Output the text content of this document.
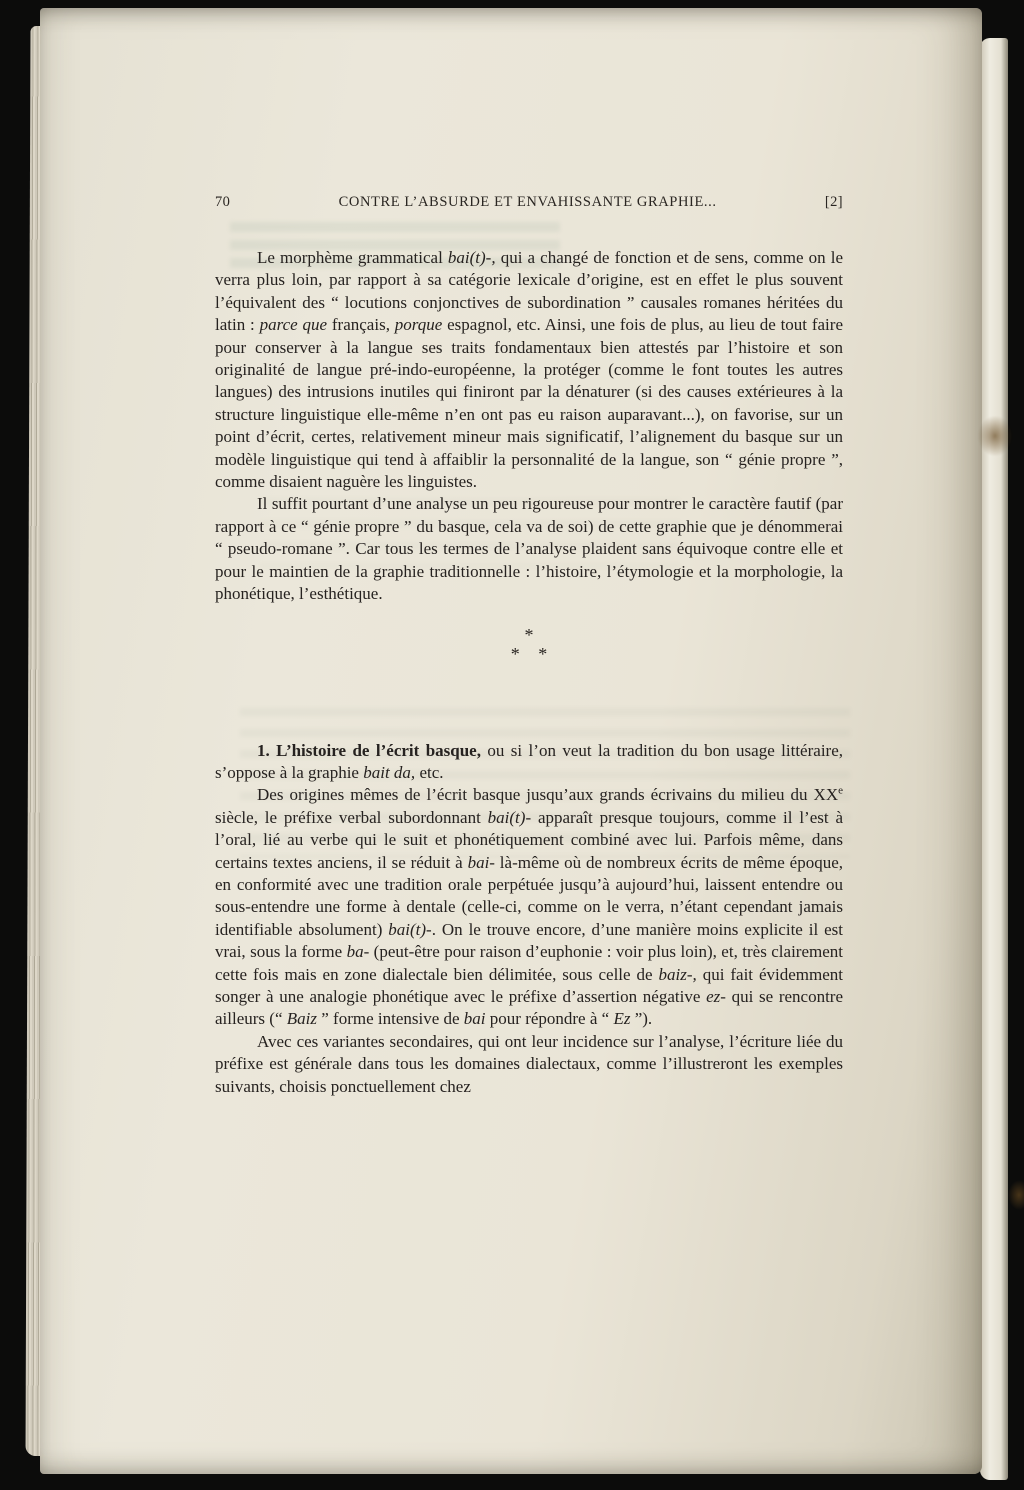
70	CONTRE L’ABSURDE ET ENVAHISSANTE GRAPHIE...	[2]

Le morphème grammatical bai(t)-, qui a changé de fonction et de sens, comme on le verra plus loin, par rapport à sa catégorie lexicale d’origine, est en effet le plus souvent l’équivalent des “ locutions conjonctives de subordination ” causales romanes héritées du latin : parce que français, porque espagnol, etc. Ainsi, une fois de plus, au lieu de tout faire pour conserver à la langue ses traits fondamentaux bien attestés par l’histoire et son originalité de langue pré-indo-européenne, la protéger (comme le font toutes les autres langues) des intrusions inutiles qui finiront par la dénaturer (si des causes extérieures à la structure linguistique elle-même n’en ont pas eu raison auparavant...), on favorise, sur un point d’écrit, certes, relativement mineur mais significatif, l’alignement du basque sur un modèle linguistique qui tend à affaiblir la personnalité de la langue, son “ génie propre ”, comme disaient naguère les linguistes.

Il suffit pourtant d’une analyse un peu rigoureuse pour montrer le caractère fautif (par rapport à ce “ génie propre ” du basque, cela va de soi) de cette graphie que je dénommerai “ pseudo-romane ”. Car tous les termes de l’analyse plaident sans équivoque contre elle et pour le maintien de la graphie traditionnelle : l’histoire, l’étymologie et la morphologie, la phonétique, l’esthétique.

*
* *

1. L’histoire de l’écrit basque, ou si l’on veut la tradition du bon usage littéraire, s’oppose à la graphie bait da, etc.

Des origines mêmes de l’écrit basque jusqu’aux grands écrivains du milieu du XXe siècle, le préfixe verbal subordonnant bai(t)- apparaît presque toujours, comme il l’est à l’oral, lié au verbe qui le suit et phonétiquement combiné avec lui. Parfois même, dans certains textes anciens, il se réduit à bai- là-même où de nombreux écrits de même époque, en conformité avec une tradition orale perpétuée jusqu’à aujourd’hui, laissent entendre ou sous-entendre une forme à dentale (celle-ci, comme on le verra, n’étant cependant jamais identifiable absolument) bai(t)-. On le trouve encore, d’une manière moins explicite il est vrai, sous la forme ba- (peut-être pour raison d’euphonie : voir plus loin), et, très clairement cette fois mais en zone dialectale bien délimitée, sous celle de baiz-, qui fait évidemment songer à une analogie phonétique avec le préfixe d’assertion négative ez- qui se rencontre ailleurs (“ Baiz ” forme intensive de bai pour répondre à “ Ez ”).

Avec ces variantes secondaires, qui ont leur incidence sur l’analyse, l’écriture liée du préfixe est générale dans tous les domaines dialectaux, comme l’illustreront les exemples suivants, choisis ponctuellement chez
